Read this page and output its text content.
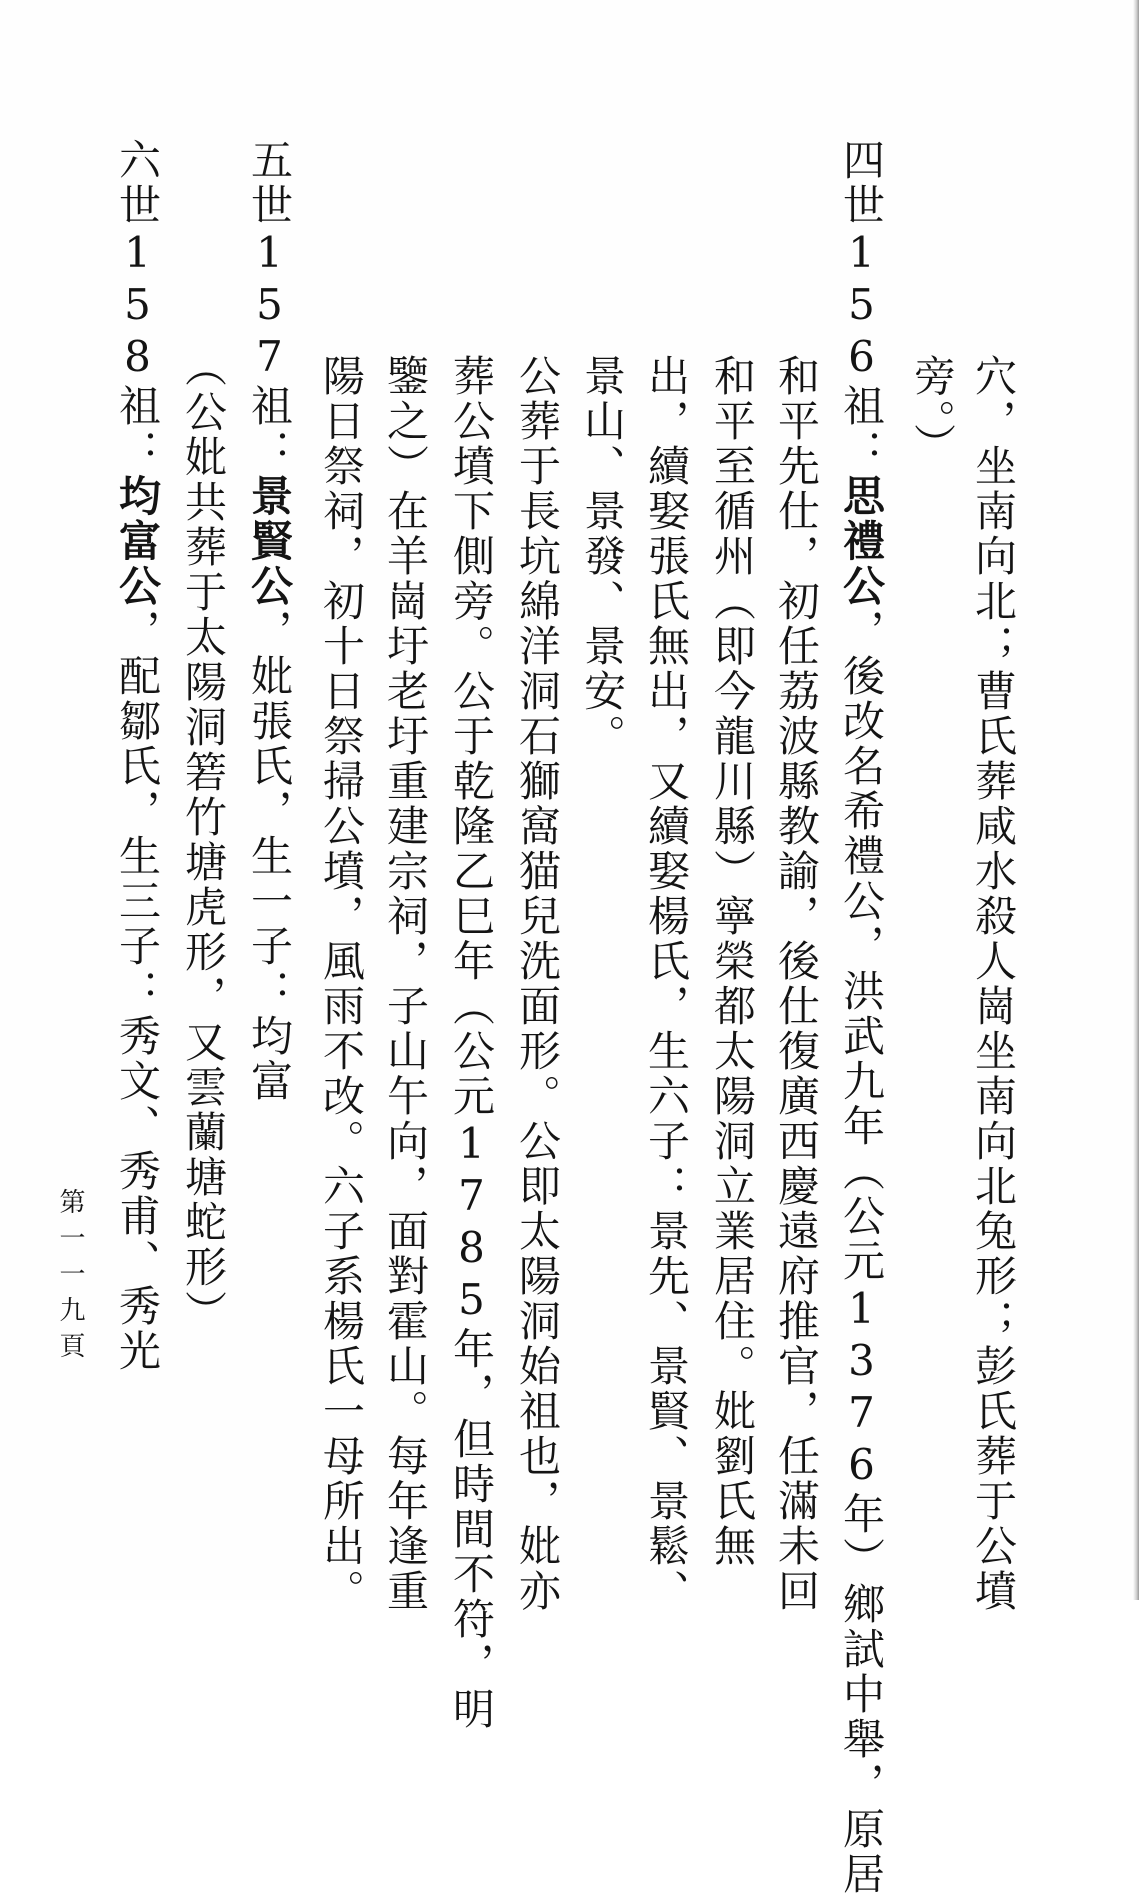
穴，坐南向北；曹氏葬咸水殺人崗坐南向北兔形；彭氏葬于公墳

旁。）

四世156祖：思禮公，後改名希禮公，洪武九年（公元1376年）鄉試中舉，原居

和平先仕，初任荔波縣教諭，後仕復廣西慶遠府推官，任滿未回

和平至循州（即今龍川縣）寧榮都太陽洞立業居住。妣劉氏無

出，續娶張氏無出，又續娶楊氏，生六子：景先、景賢、景鬆、

景山、景發、景安。

公葬于長坑綿洋洞石獅窩猫兒洗面形。公即太陽洞始祖也，妣亦

葬公墳下側旁。公于乾隆乙巳年（公元1785年，但時間不符，明

鑒之）在羊崗圩老圩重建宗祠，子山午向，面對霍山。每年逢重

陽日祭祠，初十日祭掃公墳，風雨不改。六子系楊氏一母所出。

五世157祖：景賢公，妣張氏，生一子：均富

（公妣共葬于太陽洞箬竹塘虎形，又雲蘭塘蛇形）

六世158祖：均富公，配鄒氏，生三子：秀文、秀甫、秀光

第一一九頁
